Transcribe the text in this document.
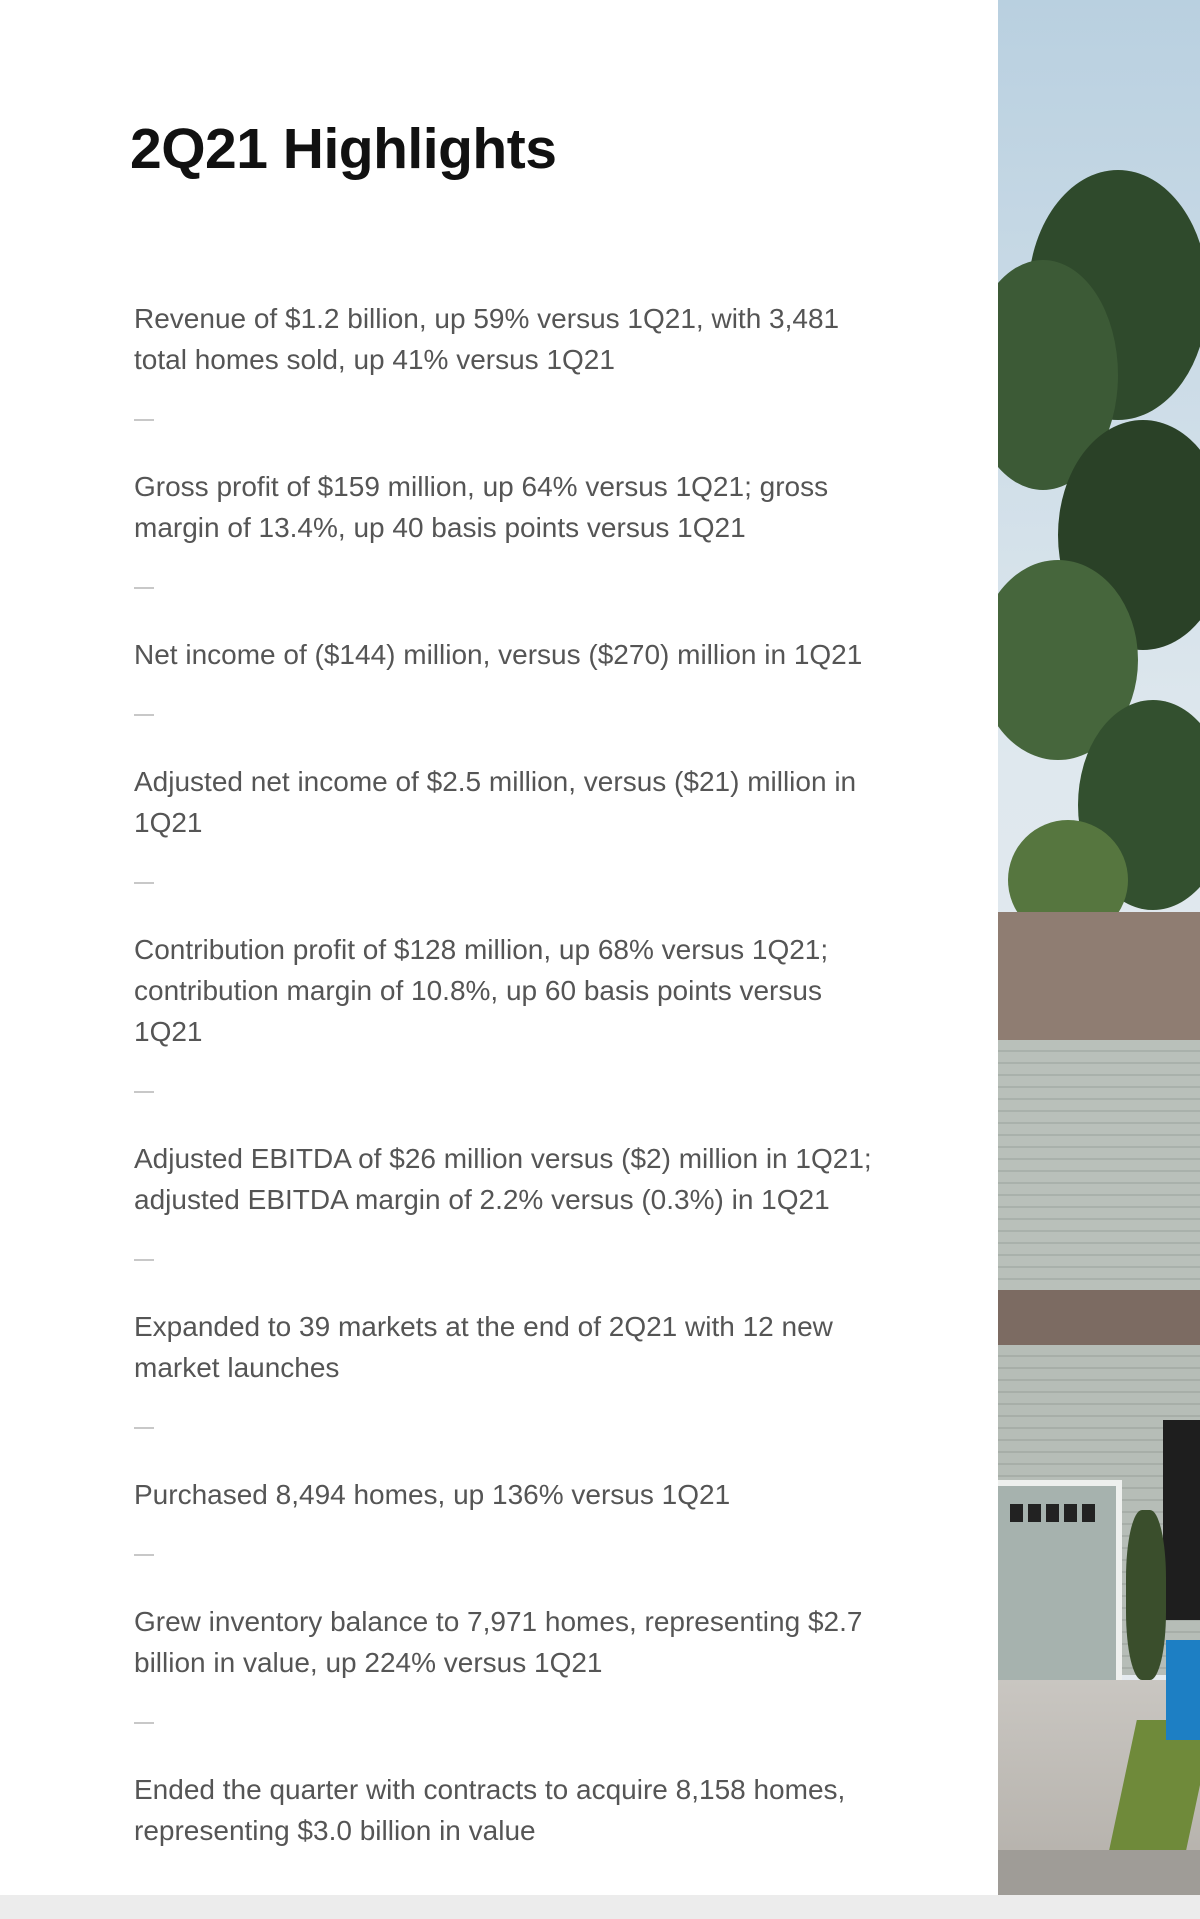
2Q21 Highlights
Revenue of $1.2 billion, up 59% versus 1Q21, with 3,481 total homes sold, up 41% versus 1Q21
Gross profit of $159 million, up 64% versus 1Q21; gross margin of 13.4%, up 40 basis points versus 1Q21
Net income of ($144) million, versus ($270) million in 1Q21
Adjusted net income of $2.5 million, versus ($21) million in 1Q21
Contribution profit of $128 million, up 68% versus 1Q21; contribution margin of 10.8%, up 60 basis points versus 1Q21
Adjusted EBITDA of $26 million versus ($2) million in 1Q21; adjusted EBITDA margin of 2.2% versus (0.3%) in 1Q21
Expanded to 39 markets at the end of 2Q21 with 12 new market launches
Purchased 8,494 homes, up 136% versus 1Q21
Grew inventory balance to 7,971 homes, representing $2.7 billion in value, up 224% versus 1Q21
Ended the quarter with contracts to acquire 8,158 homes, representing $3.0 billion in value
